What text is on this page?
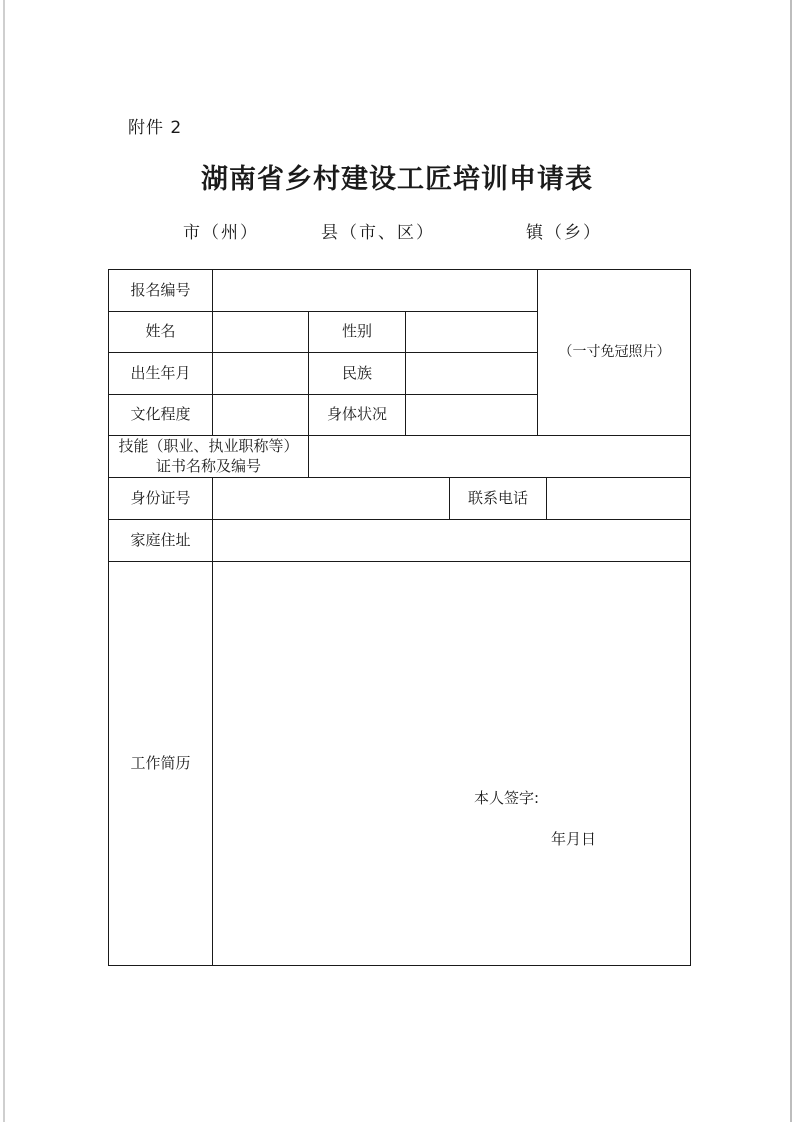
附件 2
湖南省乡村建设工匠培训申请表
市（州）	县（市、区）	镇（乡）
报名编号
姓名	性别
出生年月	民族
文化程度	身体状况
（一寸免冠照片）
技能（职业、执业职称等）
证书名称及编号
身份证号	联系电话
家庭住址
工作简历
本人签字:
年月日
